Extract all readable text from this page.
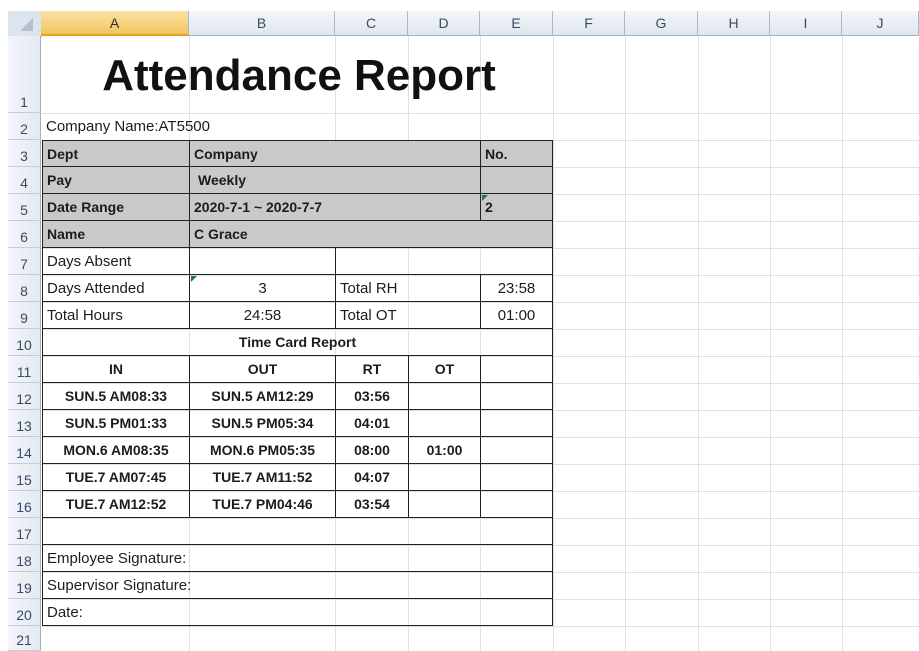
A	B	C	D	E	F	G	H	I	J
1
2
3
4
5
6
7
8
9
10
11
12
13
14
15
16
17
18
19
20
21
Attendance Report
Company Name:AT5500
Dept	Company	No.
Pay	Weekly
Date Range	2020-7-1 ~ 2020-7-7	2
Name	C Grace
Days Absent
Days Attended	3	Total RH	23:58
Total Hours	24:58	Total OT	01:00
Time Card Report
IN	OUT	RT	OT
SUN.5 AM08:33	SUN.5 AM12:29	03:56
SUN.5 PM01:33	SUN.5 PM05:34	04:01
MON.6 AM08:35	MON.6 PM05:35	08:00	01:00
TUE.7 AM07:45	TUE.7 AM11:52	04:07
TUE.7 AM12:52	TUE.7 PM04:46	03:54
Employee Signature:
Supervisor Signature:
Date:
